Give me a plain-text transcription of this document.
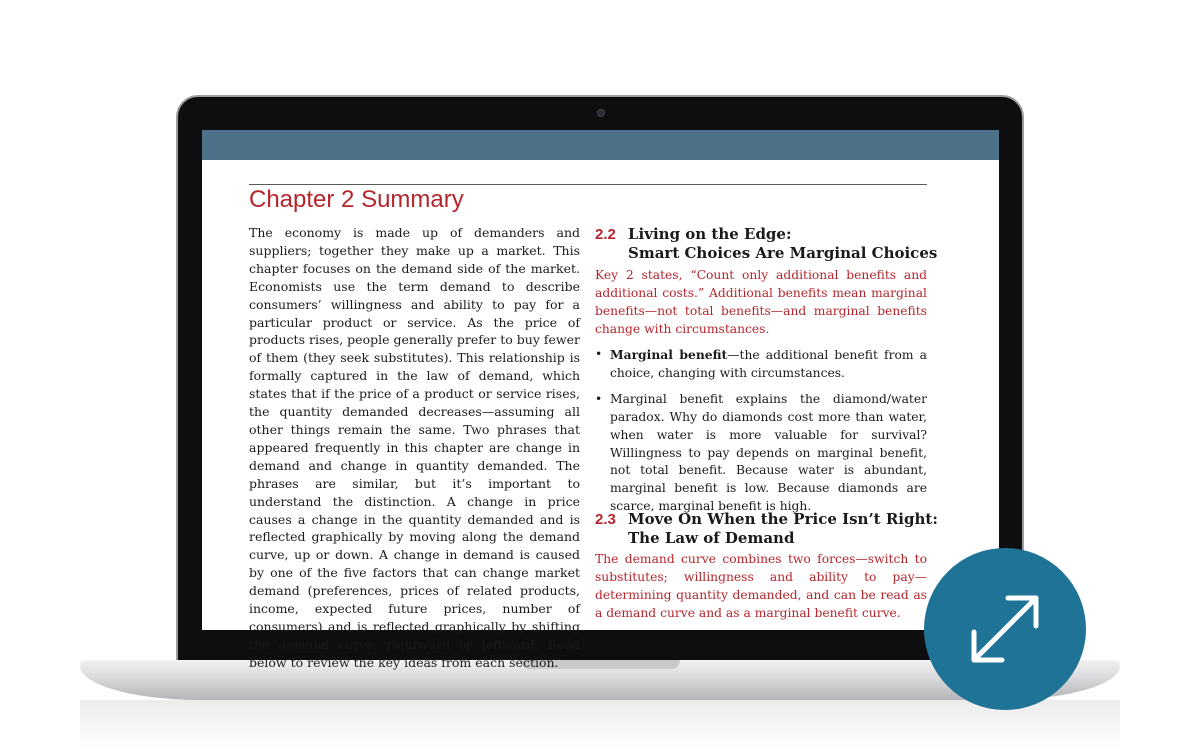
Chapter 2 Summary
The economy is made up of demanders and suppliers; together they make up a market. This chapter focuses on the demand side of the market. Economists use the term demand to describe consumers’ willingness and ability to pay for a particular product or service. As the price of products rises, people generally prefer to buy fewer of them (they seek substitutes). This relationship is formally captured in the law of demand, which states that if the price of a product or service rises, the quantity demanded decreases—assuming all other things remain the same. Two phrases that appeared frequently in this chapter are change in demand and change in quantity demanded. The phrases are similar, but it’s important to understand the distinction. A change in price causes a change in the quantity demanded and is reflected graphically by moving along the demand curve, up or down. A change in demand is caused by one of the five factors that can change market demand (preferences, prices of related products, income, expected future prices, number of consumers) and is reflected graphically by shifting the demand curve, rightward or leftward. Read below to review the key ideas from each section.
2.2 Living on the Edge:
Smart Choices Are Marginal Choices
Key 2 states, “Count only additional benefits and additional costs.” Additional benefits mean marginal benefits—not total benefits—and marginal benefits change with circumstances.
• Marginal benefit—the additional benefit from a choice, changing with circumstances.
• Marginal benefit explains the diamond/water paradox. Why do diamonds cost more than water, when water is more valuable for survival? Willingness to pay depends on marginal benefit, not total benefit. Because water is abundant, marginal benefit is low. Because diamonds are scarce, marginal benefit is high.
2.3 Move On When the Price Isn’t Right:
The Law of Demand
The demand curve combines two forces—switch to substitutes; willingness and ability to pay—determining quantity demanded, and can be read as a demand curve and as a marginal benefit curve.
